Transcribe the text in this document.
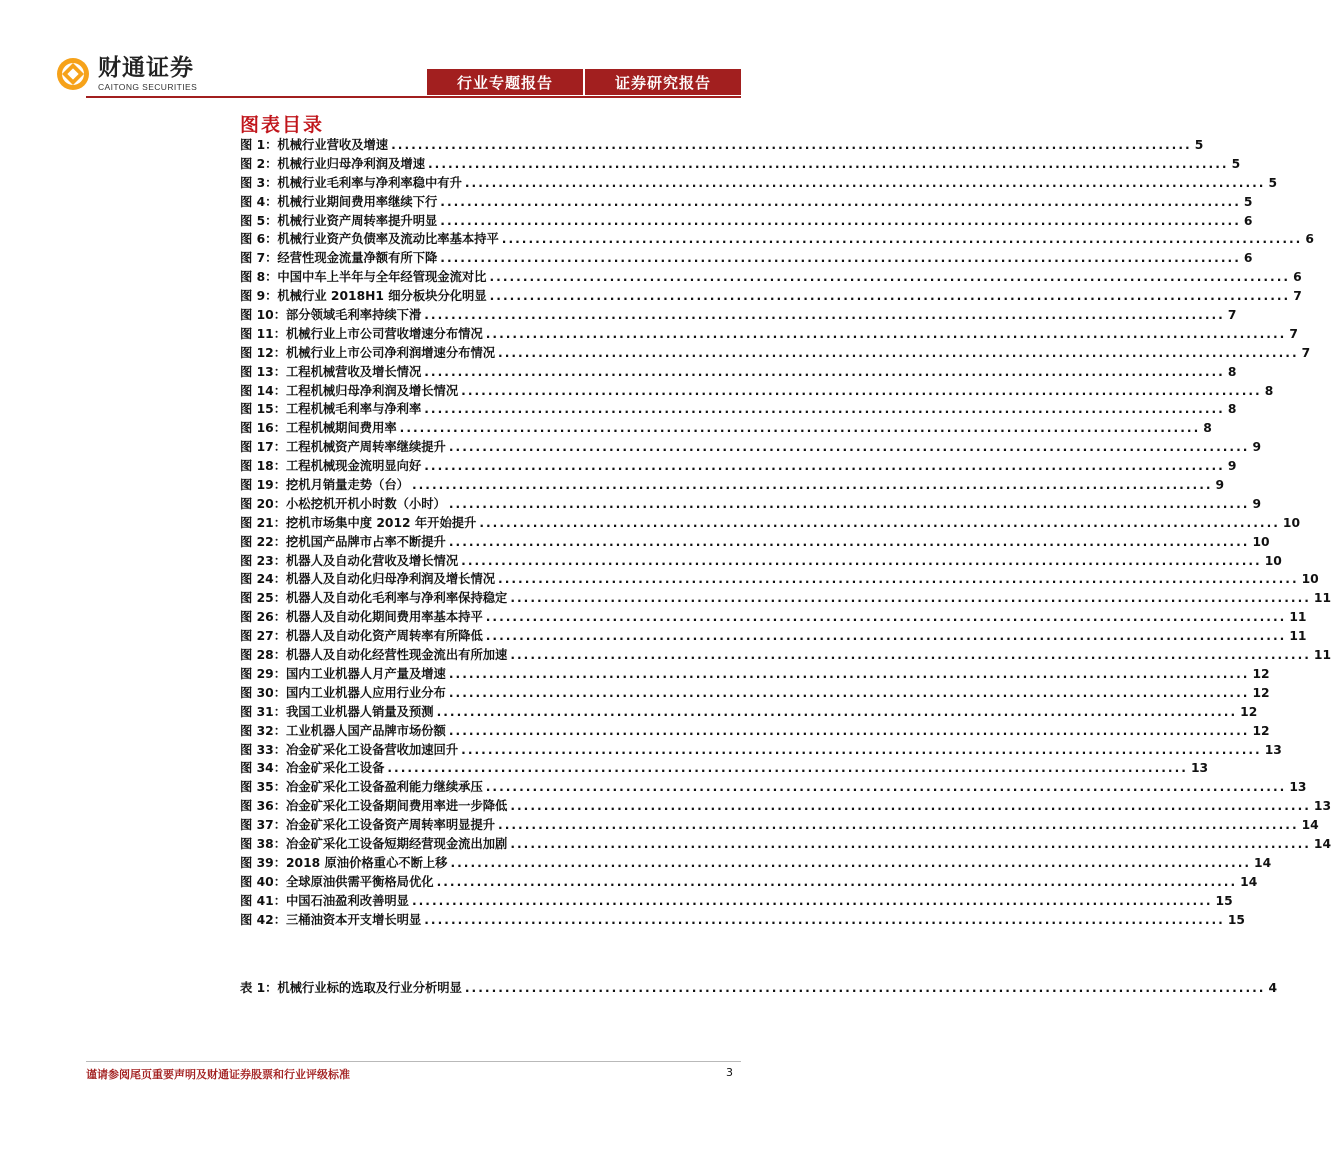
财通证券
CAITONG SECURITIES	行业专题报告	证券研究报告
图表目录
图 1：机械行业营收及增速 ........................................................................................................................ 5
图 2：机械行业归母净利润及增速 ........................................................................................................................ 5
图 3：机械行业毛利率与净利率稳中有升 ........................................................................................................................ 5
图 4：机械行业期间费用率继续下行 ........................................................................................................................ 5
图 5：机械行业资产周转率提升明显 ........................................................................................................................ 6
图 6：机械行业资产负债率及流动比率基本持平 ........................................................................................................................ 6
图 7：经营性现金流量净额有所下降 ........................................................................................................................ 6
图 8：中国中车上半年与全年经管现金流对比 ........................................................................................................................ 6
图 9：机械行业 2018H1 细分板块分化明显 ........................................................................................................................ 7
图 10：部分领域毛利率持续下滑 ........................................................................................................................ 7
图 11：机械行业上市公司营收增速分布情况 ........................................................................................................................ 7
图 12：机械行业上市公司净利润增速分布情况 ........................................................................................................................ 7
图 13：工程机械营收及增长情况 ........................................................................................................................ 8
图 14：工程机械归母净利润及增长情况 ........................................................................................................................ 8
图 15：工程机械毛利率与净利率 ........................................................................................................................ 8
图 16：工程机械期间费用率 ........................................................................................................................ 8
图 17：工程机械资产周转率继续提升 ........................................................................................................................ 9
图 18：工程机械现金流明显向好 ........................................................................................................................ 9
图 19：挖机月销量走势（台） ........................................................................................................................ 9
图 20：小松挖机开机小时数（小时） ........................................................................................................................ 9
图 21：挖机市场集中度 2012 年开始提升 ........................................................................................................................ 10
图 22：挖机国产品牌市占率不断提升 ........................................................................................................................ 10
图 23：机器人及自动化营收及增长情况 ........................................................................................................................ 10
图 24：机器人及自动化归母净利润及增长情况 ........................................................................................................................ 10
图 25：机器人及自动化毛利率与净利率保持稳定 ........................................................................................................................ 11
图 26：机器人及自动化期间费用率基本持平 ........................................................................................................................ 11
图 27：机器人及自动化资产周转率有所降低 ........................................................................................................................ 11
图 28：机器人及自动化经营性现金流出有所加速 ........................................................................................................................ 11
图 29：国内工业机器人月产量及增速 ........................................................................................................................ 12
图 30：国内工业机器人应用行业分布 ........................................................................................................................ 12
图 31：我国工业机器人销量及预测 ........................................................................................................................ 12
图 32：工业机器人国产品牌市场份额 ........................................................................................................................ 12
图 33：冶金矿采化工设备营收加速回升 ........................................................................................................................ 13
图 34：冶金矿采化工设备 ........................................................................................................................ 13
图 35：冶金矿采化工设备盈利能力继续承压 ........................................................................................................................ 13
图 36：冶金矿采化工设备期间费用率进一步降低 ........................................................................................................................ 13
图 37：冶金矿采化工设备资产周转率明显提升 ........................................................................................................................ 14
图 38：冶金矿采化工设备短期经营现金流出加剧 ........................................................................................................................ 14
图 39：2018 原油价格重心不断上移 ........................................................................................................................ 14
图 40：全球原油供需平衡格局优化 ........................................................................................................................ 14
图 41：中国石油盈利改善明显 ........................................................................................................................ 15
图 42：三桶油资本开支增长明显 ........................................................................................................................ 15
表 1：机械行业标的选取及行业分析明显 ........................................................................................................................ 4
谨请参阅尾页重要声明及财通证券股票和行业评级标准	3
